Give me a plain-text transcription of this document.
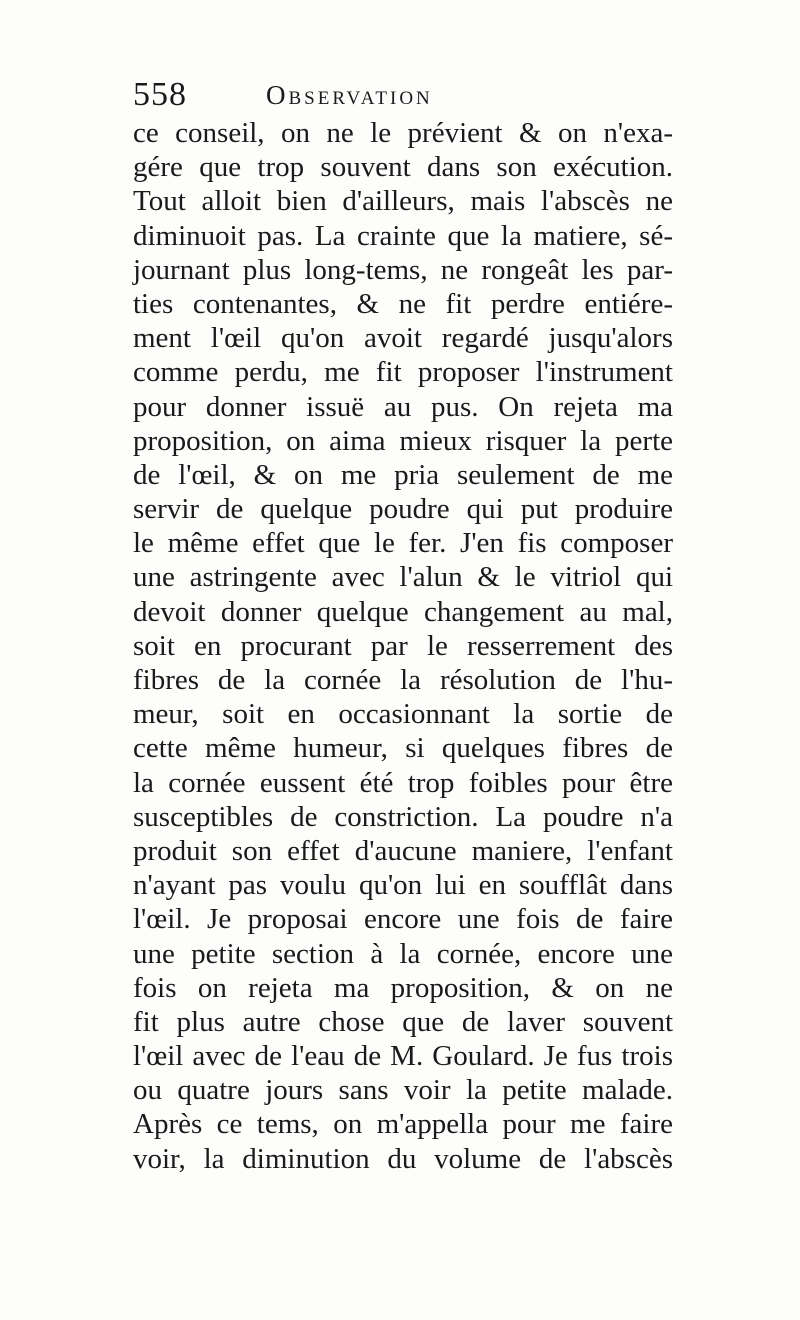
558	Observation
ce conseil, on ne le prévient & on n'exa-
gére que trop souvent dans son exécution.
Tout alloit bien d'ailleurs, mais l'abscès ne
diminuoit pas. La crainte que la matiere, sé-
journant plus long-tems, ne rongeât les par-
ties contenantes, & ne fit perdre entiére-
ment l'œil qu'on avoit regardé jusqu'alors
comme perdu, me fit proposer l'instrument
pour donner issuë au pus. On rejeta ma
proposition, on aima mieux risquer la perte
de l'œil, & on me pria seulement de me
servir de quelque poudre qui put produire
le même effet que le fer. J'en fis composer
une astringente avec l'alun & le vitriol qui
devoit donner quelque changement au mal,
soit en procurant par le resserrement des
fibres de la cornée la résolution de l'hu-
meur, soit en occasionnant la sortie de
cette même humeur, si quelques fibres de
la cornée eussent été trop foibles pour être
susceptibles de constriction. La poudre n'a
produit son effet d'aucune maniere, l'enfant
n'ayant pas voulu qu'on lui en soufflât dans
l'œil. Je proposai encore une fois de faire
une petite section à la cornée, encore une
fois on rejeta ma proposition, & on ne
fit plus autre chose que de laver souvent
l'œil avec de l'eau de M. Goulard. Je fus trois
ou quatre jours sans voir la petite malade.
Après ce tems, on m'appella pour me faire
voir, la diminution du volume de l'abscès
